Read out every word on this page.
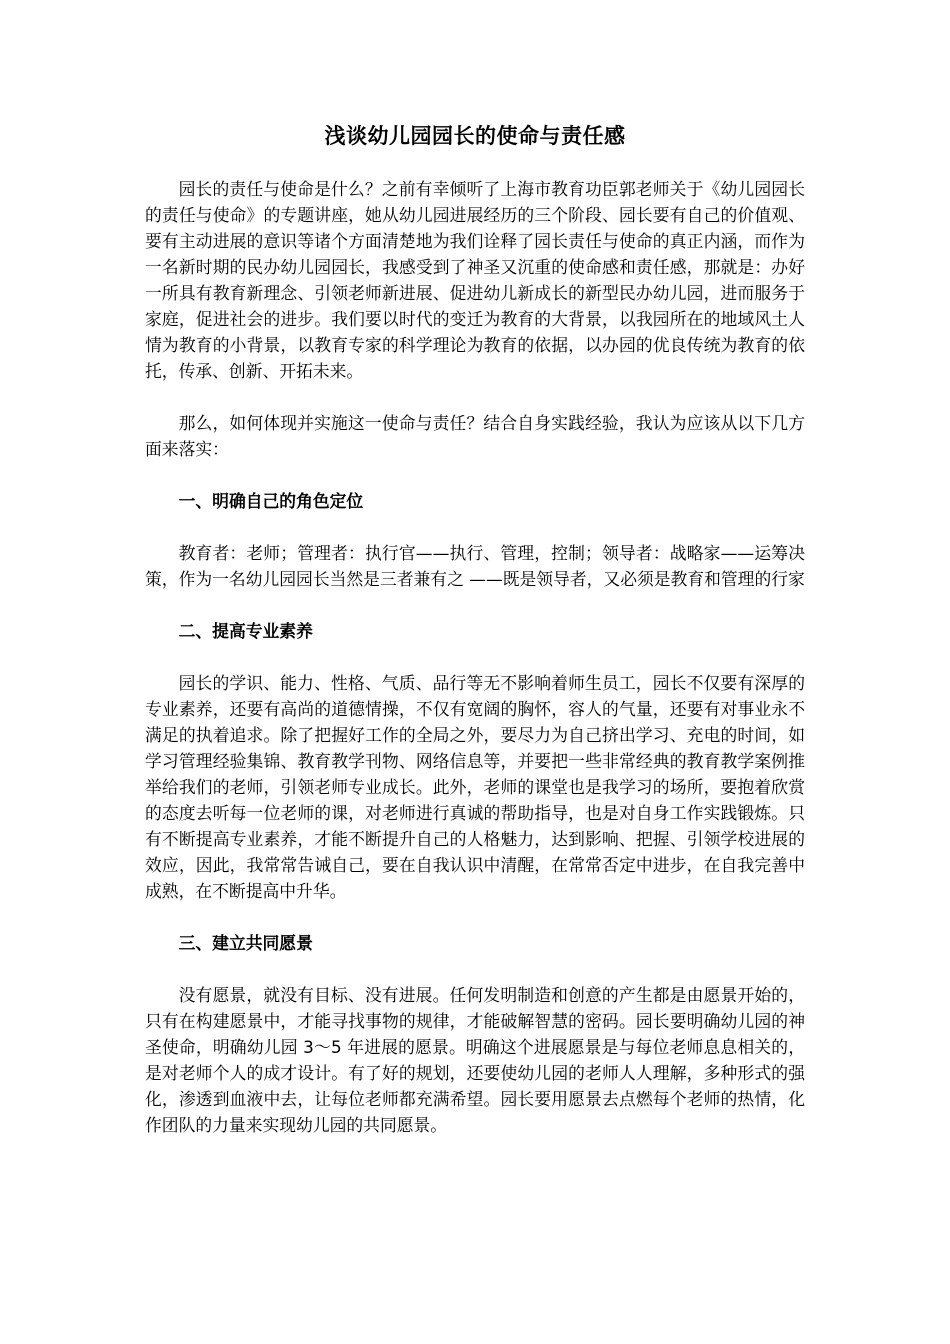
浅谈幼儿园园长的使命与责任感

园长的责任与使命是什么？之前有幸倾听了上海市教育功臣郭老师关于《幼儿园园长的责任与使命》的专题讲座，她从幼儿园进展经历的三个阶段、园长要有自己的价值观、要有主动进展的意识等诸个方面清楚地为我们诠释了园长责任与使命的真正内涵，而作为一名新时期的民办幼儿园园长，我感受到了神圣又沉重的使命感和责任感，那就是：办好一所具有教育新理念、引领老师新进展、促进幼儿新成长的新型民办幼儿园，进而服务于家庭，促进社会的进步。我们要以时代的变迁为教育的大背景，以我园所在的地域风土人情为教育的小背景，以教育专家的科学理论为教育的依据，以办园的优良传统为教育的依托，传承、创新、开拓未来。

那么，如何体现并实施这一使命与责任？结合自身实践经验，我认为应该从以下几方面来落实：

一、明确自己的角色定位

教育者：老师；管理者：执行官——执行、管理，控制；领导者：战略家——运筹决策，作为一名幼儿园园长当然是三者兼有之 ——既是领导者，又必须是教育和管理的行家

二、提高专业素养

园长的学识、能力、性格、气质、品行等无不影响着师生员工，园长不仅要有深厚的专业素养，还要有高尚的道德情操，不仅有宽阔的胸怀，容人的气量，还要有对事业永不满足的执着追求。除了把握好工作的全局之外，要尽力为自己挤出学习、充电的时间，如学习管理经验集锦、教育教学刊物、网络信息等，并要把一些非常经典的教育教学案例推举给我们的老师，引领老师专业成长。此外，老师的课堂也是我学习的场所，要抱着欣赏的态度去听每一位老师的课，对老师进行真诚的帮助指导，也是对自身工作实践锻炼。只有不断提高专业素养，才能不断提升自己的人格魅力，达到影响、把握、引领学校进展的效应，因此，我常常告诫自己，要在自我认识中清醒，在常常否定中进步，在自我完善中成熟，在不断提高中升华。

三、建立共同愿景

没有愿景，就没有目标、没有进展。任何发明制造和创意的产生都是由愿景开始的，只有在构建愿景中，才能寻找事物的规律，才能破解智慧的密码。园长要明确幼儿园的神圣使命，明确幼儿园 3～5 年进展的愿景。明确这个进展愿景是与每位老师息息相关的，是对老师个人的成才设计。有了好的规划，还要使幼儿园的老师人人理解，多种形式的强化，渗透到血液中去，让每位老师都充满希望。园长要用愿景去点燃每个老师的热情，化作团队的力量来实现幼儿园的共同愿景。
